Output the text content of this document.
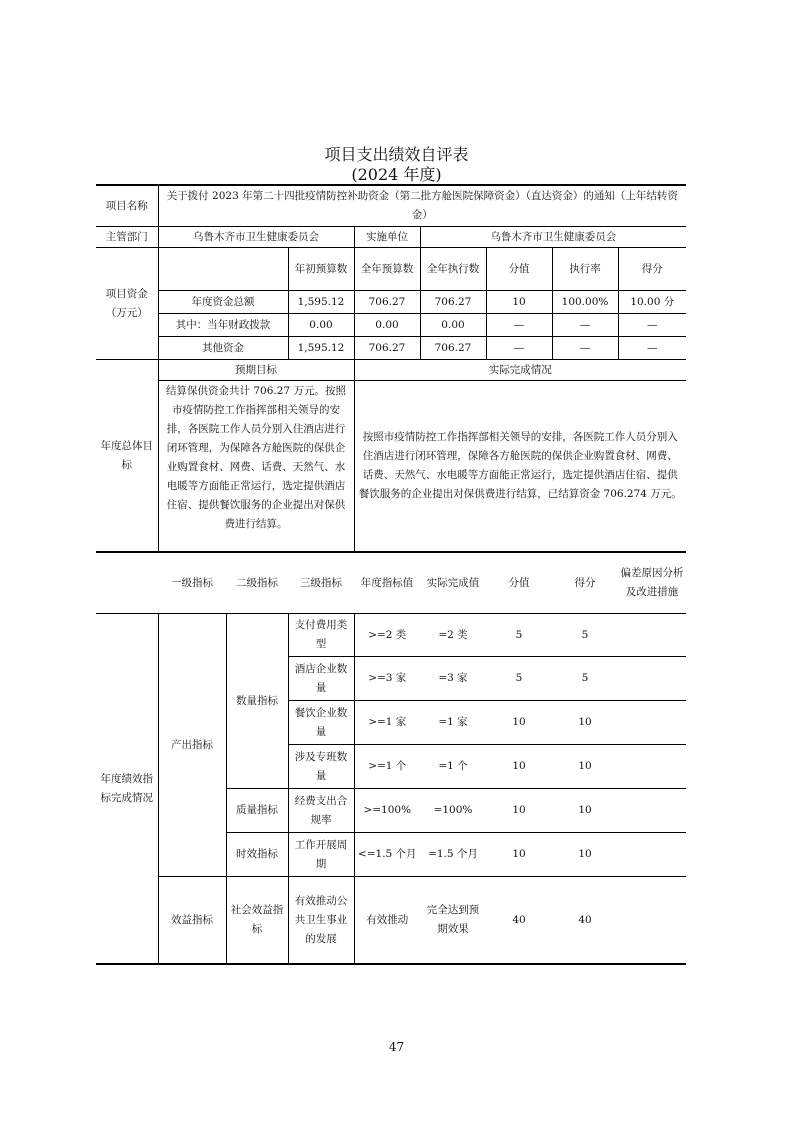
项目支出绩效自评表
(2024 年度)
项目名称	关于拨付 2023 年第二十四批疫情防控补助资金（第二批方舱医院保障资金）（直达资金）的通知（上年结转资金）							
主管部门	乌鲁木齐市卫生健康委员会			实施单位	乌鲁木齐市卫生健康委员会			
项目资金（万元）			年初预算数	全年预算数	全年执行数	分值	执行率	得分
	年度资金总额		1,595.12	706.27	706.27	10	100.00%	10.00 分
	其中：当年财政拨款		0.00	0.00	0.00	—	—	—
	其他资金		1,595.12	706.27	706.27	—	—	—
年度总体目标	预期目标			实际完成情况				
	结算保供资金共计 706.27 万元。按照市疫情防控工作指挥部相关领导的安排，各医院工作人员分别入住酒店进行闭环管理，为保障各方舱医院的保供企业购置食材、网费、话费、天然气、水电暖等方面能正常运行，选定提供酒店住宿、提供餐饮服务的企业提出对保供费进行结算。			按照市疫情防控工作指挥部相关领导的安排，各医院工作人员分别入住酒店进行闭环管理，保障各方舱医院的保供企业购置食材、网费、话费、天然气、水电暖等方面能正常运行，选定提供酒店住宿、提供餐饮服务的企业提出对保供费进行结算，已结算资金 706.274 万元。				
	一级指标	二级指标	三级指标	年度指标值	实际完成值	分值	得分	偏差原因分析及改进措施
年度绩效指标完成情况	产出指标	数量指标	支付费用类型	>=2 类	=2 类	5	5	
			酒店企业数量	>=3 家	=3 家	5	5	
			餐饮企业数量	>=1 家	=1 家	10	10	
			涉及专班数量	>=1 个	=1 个	10	10	
		质量指标	经费支出合规率	>=100%	=100%	10	10	
		时效指标	工作开展周期	<=1.5 个月	=1.5 个月	10	10	
	效益指标	社会效益指标	有效推动公共卫生事业的发展	有效推动	完全达到预期效果	40	40	
47
